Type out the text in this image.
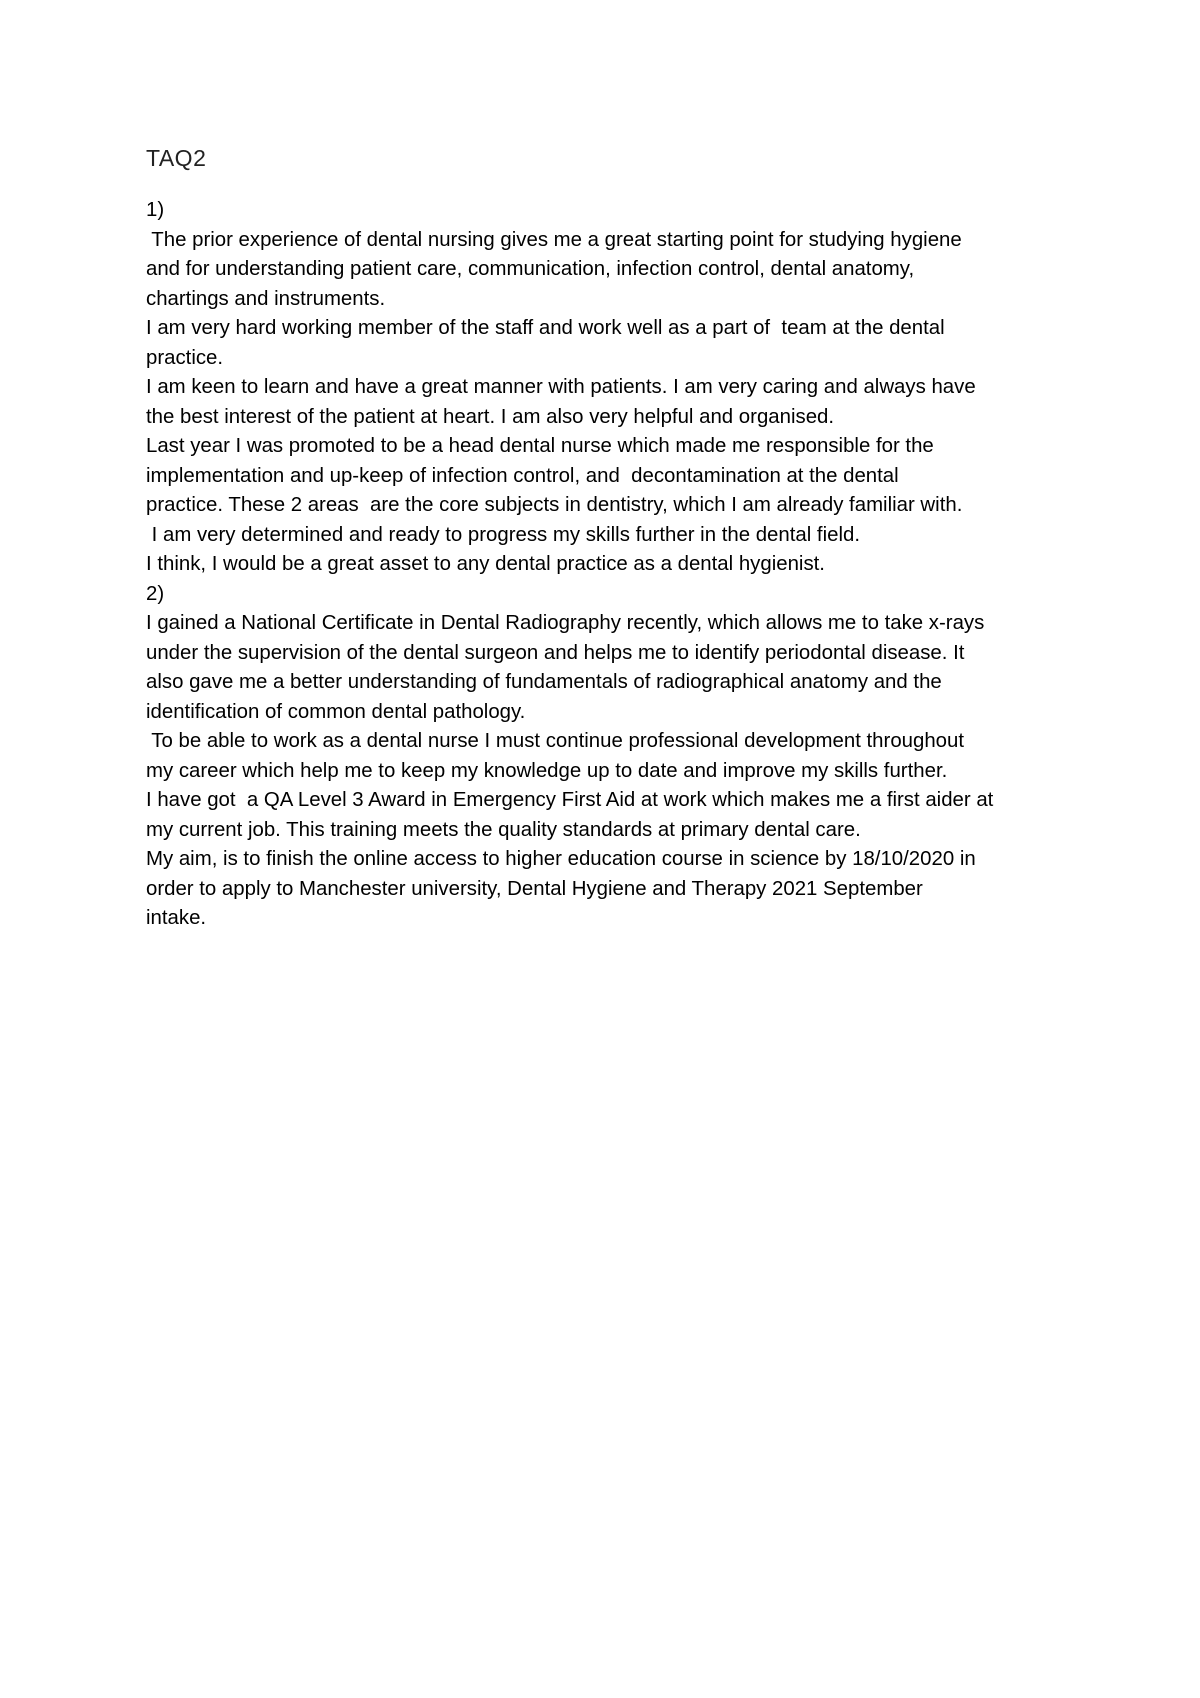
TAQ2
1)
The prior experience of dental nursing gives me a great starting point for studying hygiene
and for understanding patient care, communication, infection control, dental anatomy,
chartings and instruments.
I am very hard working member of the staff and work well as a part of  team at the dental
practice.
I am keen to learn and have a great manner with patients. I am very caring and always have
the best interest of the patient at heart. I am also very helpful and organised.
Last year I was promoted to be a head dental nurse which made me responsible for the
implementation and up-keep of infection control, and  decontamination at the dental
practice. These 2 areas  are the core subjects in dentistry, which I am already familiar with.
I am very determined and ready to progress my skills further in the dental field.
I think, I would be a great asset to any dental practice as a dental hygienist.
2)
I gained a National Certificate in Dental Radiography recently, which allows me to take x-rays
under the supervision of the dental surgeon and helps me to identify periodontal disease. It
also gave me a better understanding of fundamentals of radiographical anatomy and the
identification of common dental pathology.
To be able to work as a dental nurse I must continue professional development throughout
my career which help me to keep my knowledge up to date and improve my skills further.
I have got  a QA Level 3 Award in Emergency First Aid at work which makes me a first aider at
my current job. This training meets the quality standards at primary dental care.
My aim, is to finish the online access to higher education course in science by 18/10/2020 in
order to apply to Manchester university, Dental Hygiene and Therapy 2021 September
intake.
